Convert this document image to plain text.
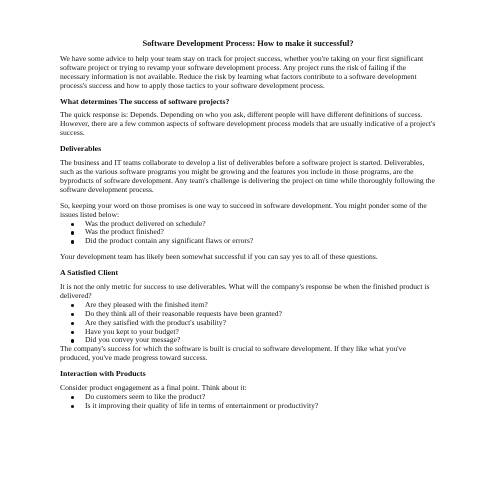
Software Development Process: How to make it successful?

We have some advice to help your team stay on track for project success, whether you're taking on your first significant software project or trying to revamp your software development process. Any project runs the risk of failing if the necessary information is not available. Reduce the risk by learning what factors contribute to a software development process's success and how to apply those tactics to your software development process.

What determines The success of software projects?

The quick response is: Depends. Depending on who you ask, different people will have different definitions of success. However, there are a few common aspects of software development process models that are usually indicative of a project's success.

Deliverables

The business and IT teams collaborate to develop a list of deliverables before a software project is started. Deliverables, such as the various software programs you might be growing and the features you include in those programs, are the byproducts of software development. Any team's challenge is delivering the project on time while thoroughly following the software development process.

So, keeping your word on those promises is one way to succeed in software development. You might ponder some of the issues listed below:

Was the product delivered on schedule?
Was the product finished?
Did the product contain any significant flaws or errors?

Your development team has likely been somewhat successful if you can say yes to all of these questions.

A Satisfied Client

It is not the only metric for success to use deliverables. What will the company's response be when the finished product is delivered?

Are they pleased with the finished item?
Do they think all of their reasonable requests have been granted?
Are they satisfied with the product's usability?
Have you kept to your budget?
Did you convey your message?

The company's success for which the software is built is crucial to software development. If they like what you've produced, you've made progress toward success.

Interaction with Products

Consider product engagement as a final point. Think about it:

Do customers seem to like the product?
Is it improving their quality of life in terms of entertainment or productivity?
